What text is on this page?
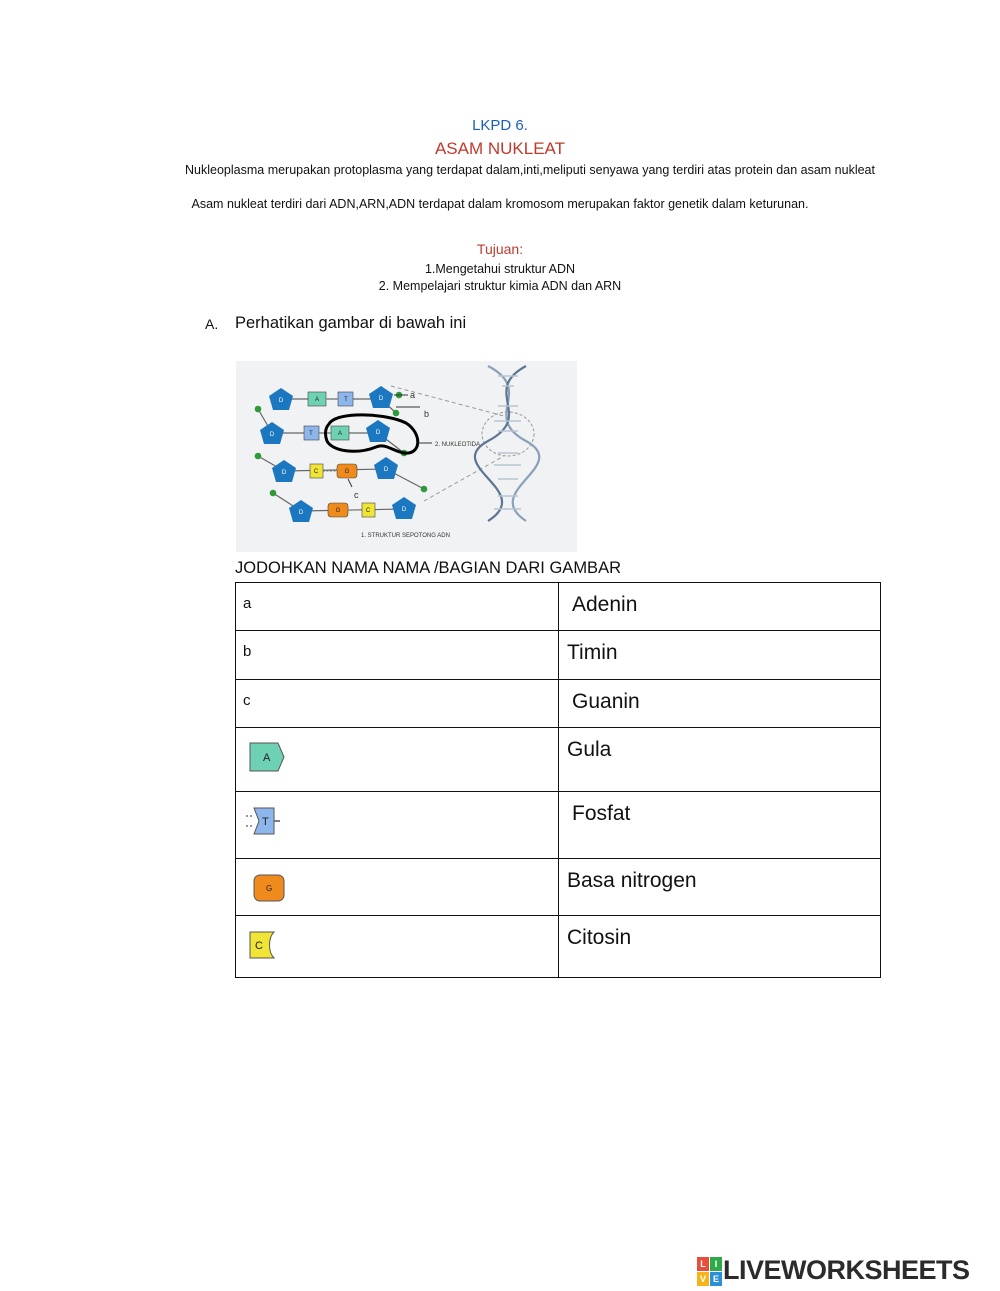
LKPD 6.
ASAM NUKLEAT
Nukleoplasma merupakan protoplasma yang terdapat dalam,inti,meliputi senyawa yang terdiri atas protein dan asam nukleat
Asam nukleat terdiri dari ADN,ARN,ADN terdapat dalam kromosom merupakan faktor genetik dalam keturunan.
Tujuan:
1.Mengetahui struktur ADN
2. Mempelajari struktur kimia ADN dan ARN
A. Perhatikan gambar di bawah ini
D	D
D	D
D	D
D	D
A	T
T	A
C	G
G	C
a
b
c
2. NUKLEOTIDA
1. STRUKTUR SEPOTONG ADN
JODOHKAN NAMA NAMA /BAGIAN DARI GAMBAR
a	Adenin

b	Timin

c	Guanin

A	Gula

T	Fosfat

G	Basa nitrogen

C	Citosin
L I
V E LIVEWORKSHEETS
